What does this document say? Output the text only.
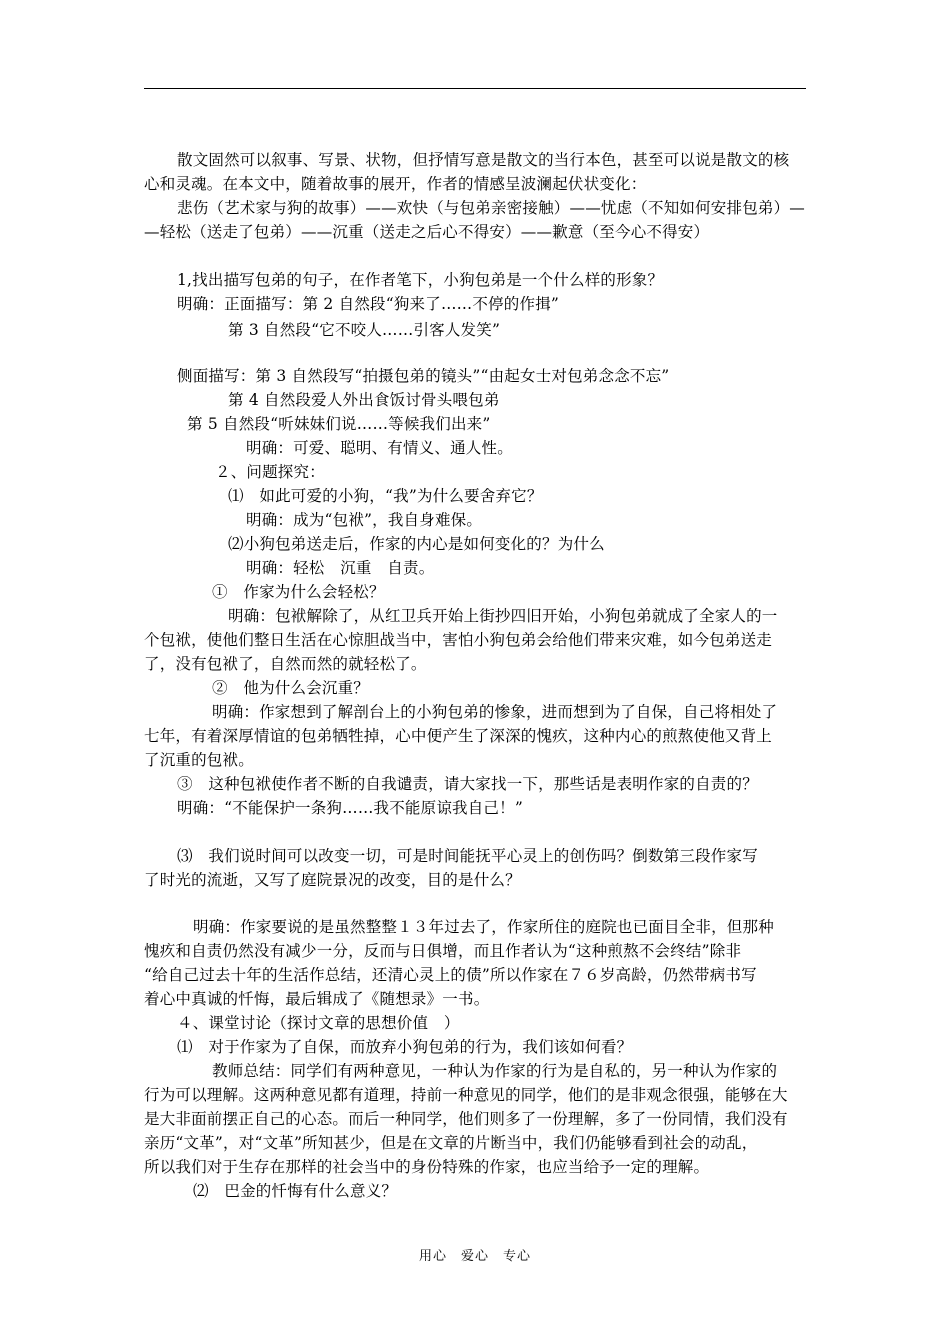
散文固然可以叙事、写景、状物，但抒情写意是散文的当行本色，甚至可以说是散文的核
心和灵魂。在本文中，随着故事的展开，作者的情感呈波澜起伏状变化：
悲伤（艺术家与狗的故事）——欢快（与包弟亲密接触）——忧虑（不知如何安排包弟）—
—轻松（送走了包弟）——沉重（送走之后心不得安）——歉意（至今心不得安）
1,找出描写包弟的句子，在作者笔下，小狗包弟是一个什么样的形象？
明确：正面描写：第 2 自然段“狗来了……不停的作揖”
第 3 自然段“它不咬人……引客人发笑”
侧面描写：第 3 自然段写“拍摄包弟的镜头”“由起女士对包弟念念不忘”
第 4 自然段爱人外出食饭讨骨头喂包弟
第 5 自然段“听妹妹们说……等候我们出来”
明确：可爱、聪明、有情义、通人性。
２、问题探究：
⑴　如此可爱的小狗，“我”为什么要舍弃它？
明确：成为“包袱”，我自身难保。
⑵小狗包弟送走后，作家的内心是如何变化的？为什么
明确：轻松　沉重　自责。
①　作家为什么会轻松？
明确：包袱解除了，从红卫兵开始上街抄四旧开始，小狗包弟就成了全家人的一
个包袱，使他们整日生活在心惊胆战当中，害怕小狗包弟会给他们带来灾难，如今包弟送走
了，没有包袱了，自然而然的就轻松了。
②　他为什么会沉重？
明确：作家想到了解剖台上的小狗包弟的惨象，进而想到为了自保，自己将相处了
七年，有着深厚情谊的包弟牺牲掉，心中便产生了深深的愧疚，这种内心的煎熬使他又背上
了沉重的包袱。
③　这种包袱使作者不断的自我谴责，请大家找一下，那些话是表明作家的自责的？
明确：“不能保护一条狗……我不能原谅我自己！”
⑶　我们说时间可以改变一切，可是时间能抚平心灵上的创伤吗？倒数第三段作家写
了时光的流逝，又写了庭院景况的改变，目的是什么？
明确：作家要说的是虽然整整１３年过去了，作家所住的庭院也已面目全非，但那种
愧疚和自责仍然没有减少一分，反而与日俱增，而且作者认为“这种煎熬不会终结”除非
“给自己过去十年的生活作总结，还清心灵上的债”所以作家在７６岁高龄，仍然带病书写
着心中真诚的忏悔，最后辑成了《随想录》一书。
４、课堂讨论（探讨文章的思想价值　）
⑴　对于作家为了自保，而放弃小狗包弟的行为，我们该如何看？
教师总结：同学们有两种意见，一种认为作家的行为是自私的，另一种认为作家的
行为可以理解。这两种意见都有道理，持前一种意见的同学，他们的是非观念很强，能够在大
是大非面前摆正自己的心态。而后一种同学，他们则多了一份理解，多了一份同情，我们没有
亲历“文革”，对“文革”所知甚少，但是在文章的片断当中，我们仍能够看到社会的动乱，
所以我们对于生存在那样的社会当中的身份特殊的作家，也应当给予一定的理解。
⑵　巴金的忏悔有什么意义？
用心　爱心　专心
